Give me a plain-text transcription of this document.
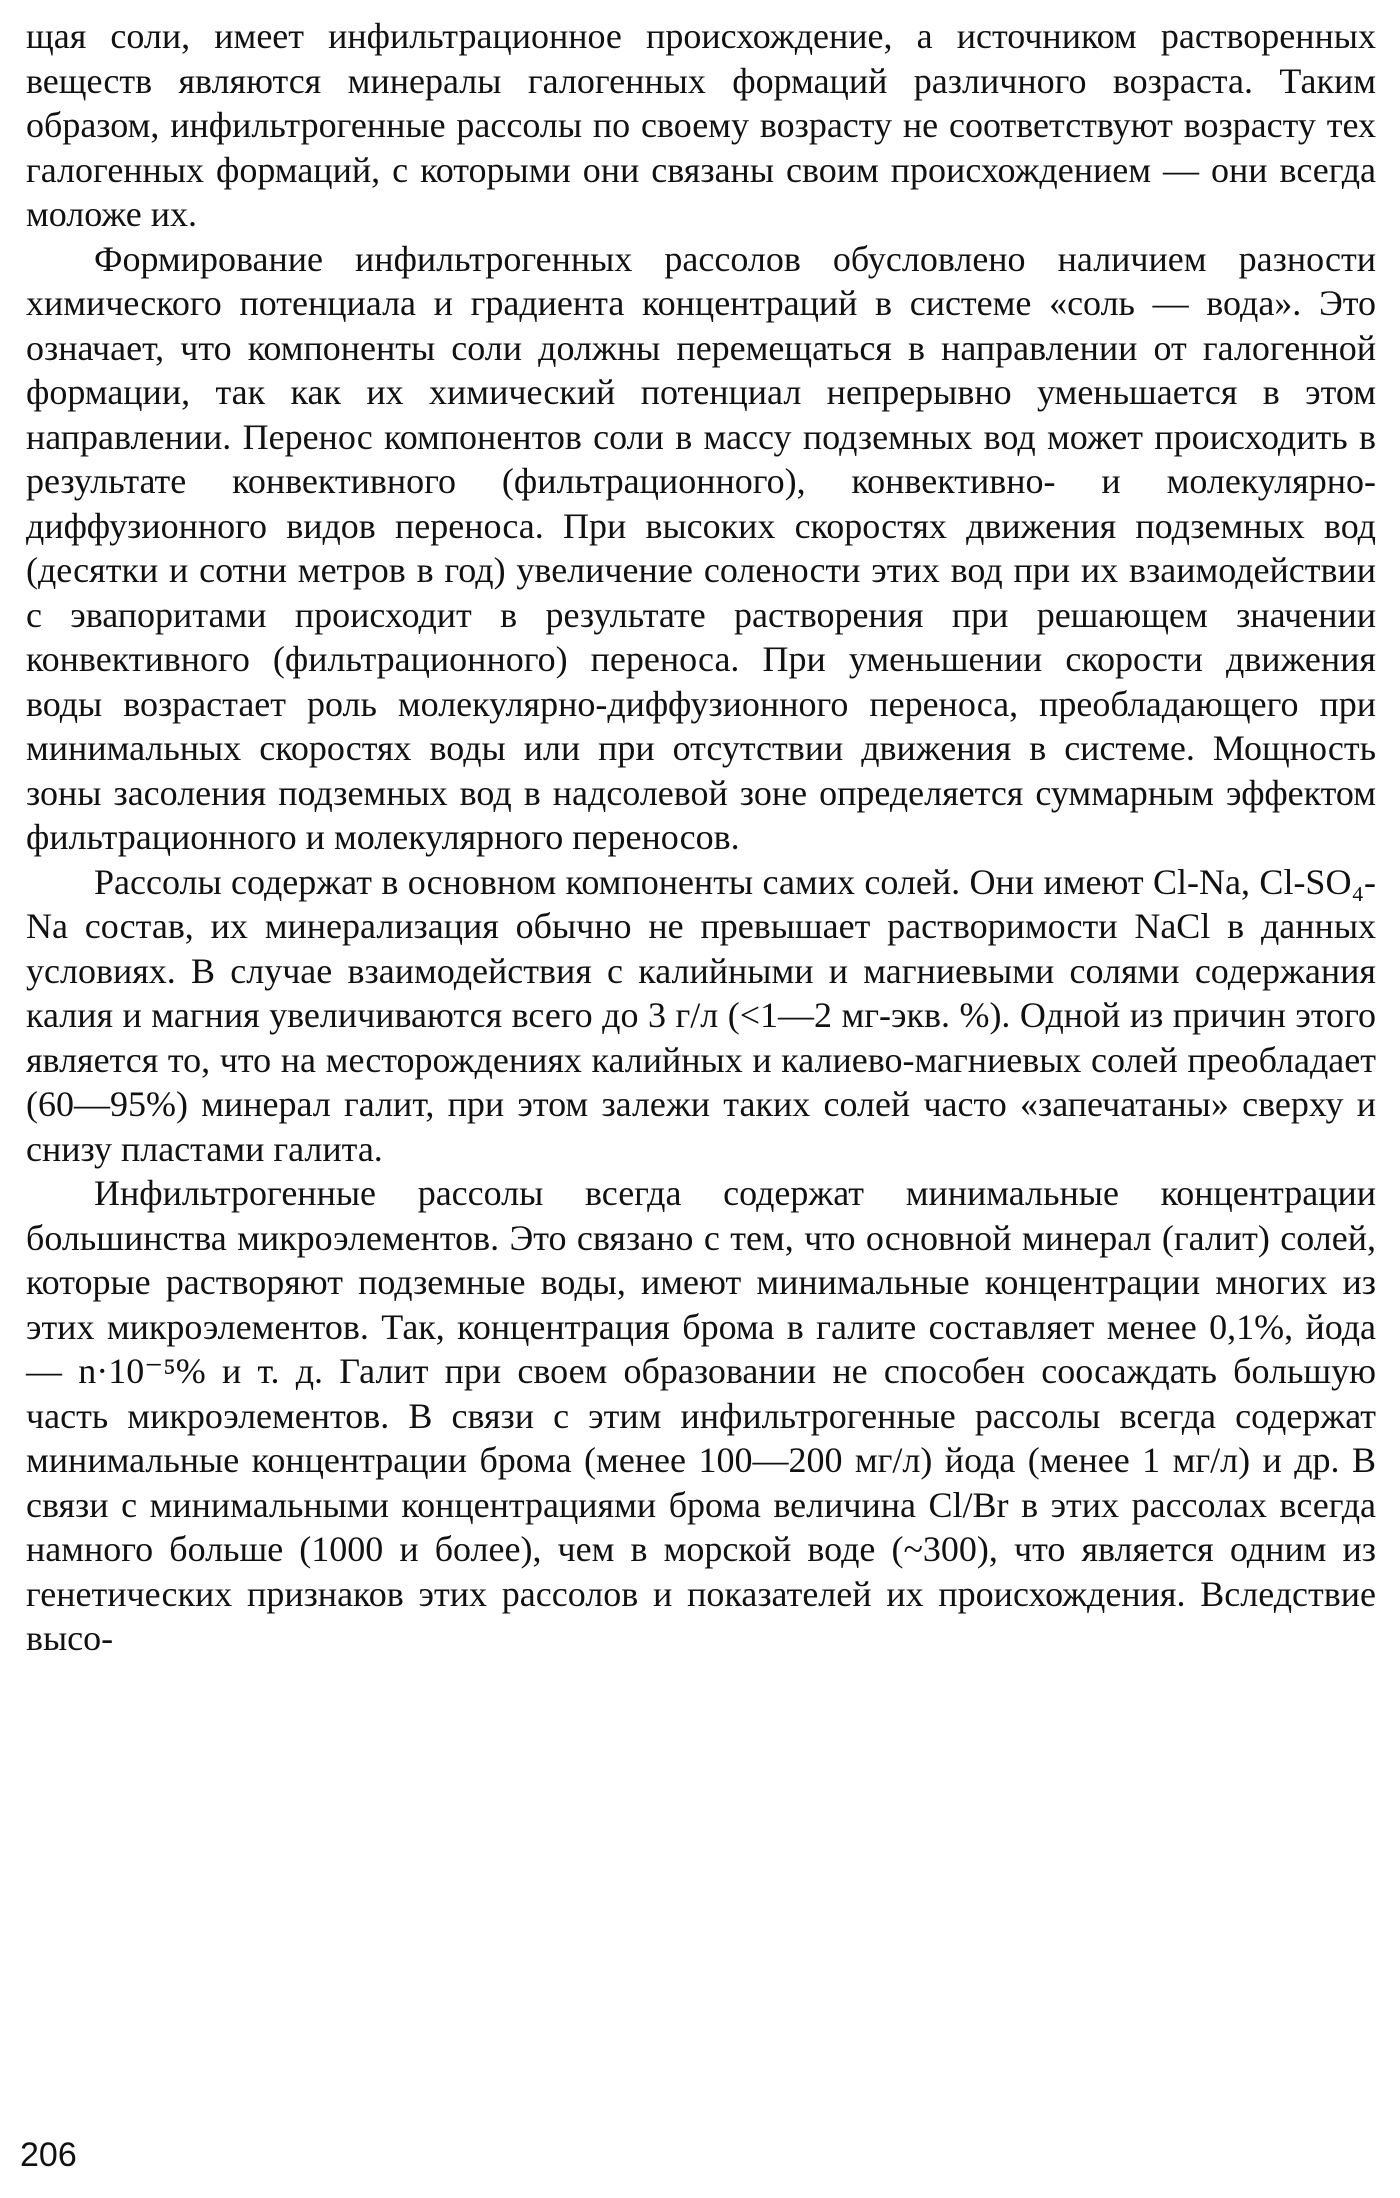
щая соли, имеет инфильтрационное происхождение, а источником растворенных веществ являются минералы галогенных формаций различного возраста. Таким образом, инфильтрогенные рассолы по своему возрасту не соответствуют возрасту тех галогенных формаций, с которыми они связаны своим происхождением — они всегда моложе их.

Формирование инфильтрогенных рассолов обусловлено наличием разности химического потенциала и градиента концентраций в системе «соль — вода». Это означает, что компоненты соли должны перемещаться в направлении от галогенной формации, так как их химический потенциал непрерывно уменьшается в этом направлении. Перенос компонентов соли в массу подземных вод может происходить в результате конвективного (фильтрационного), конвективно- и молекулярно-диффузионного видов переноса. При высоких скоростях движения подземных вод (десятки и сотни метров в год) увеличение солености этих вод при их взаимодействии с эвапоритами происходит в результате растворения при решающем значении конвективного (фильтрационного) переноса. При уменьшении скорости движения воды возрастает роль молекулярно-диффузионного переноса, преобладающего при минимальных скоростях воды или при отсутствии движения в системе. Мощность зоны засоления подземных вод в надсолевой зоне определяется суммарным эффектом фильтрационного и молекулярного переносов.

Рассолы содержат в основном компоненты самих солей. Они имеют Cl-Na, Cl-SO₄-Na состав, их минерализация обычно не превышает растворимости NaCl в данных условиях. В случае взаимодействия с калийными и магниевыми солями содержания калия и магния увеличиваются всего до 3 г/л (<1—2 мг-экв. %). Одной из причин этого является то, что на месторождениях калийных и калиево-магниевых солей преобладает (60—95%) минерал галит, при этом залежи таких солей часто «запечатаны» сверху и снизу пластами галита.

Инфильтрогенные рассолы всегда содержат минимальные концентрации большинства микроэлементов. Это связано с тем, что основной минерал (галит) солей, которые растворяют подземные воды, имеют минимальные концентрации многих из этих микроэлементов. Так, концентрация брома в галите составляет менее 0,1%, йода — n·10⁻⁵% и т. д. Галит при своем образовании не способен соосаждать большую часть микроэлементов. В связи с этим инфильтрогенные рассолы всегда содержат минимальные концентрации брома (менее 100—200 мг/л) йода (менее 1 мг/л) и др. В связи с минимальными концентрациями брома величина Cl/Br в этих рассолах всегда намного больше (1000 и более), чем в морской воде (~300), что является одним из генетических признаков этих рассолов и показателей их происхождения. Вследствие высо-

206
